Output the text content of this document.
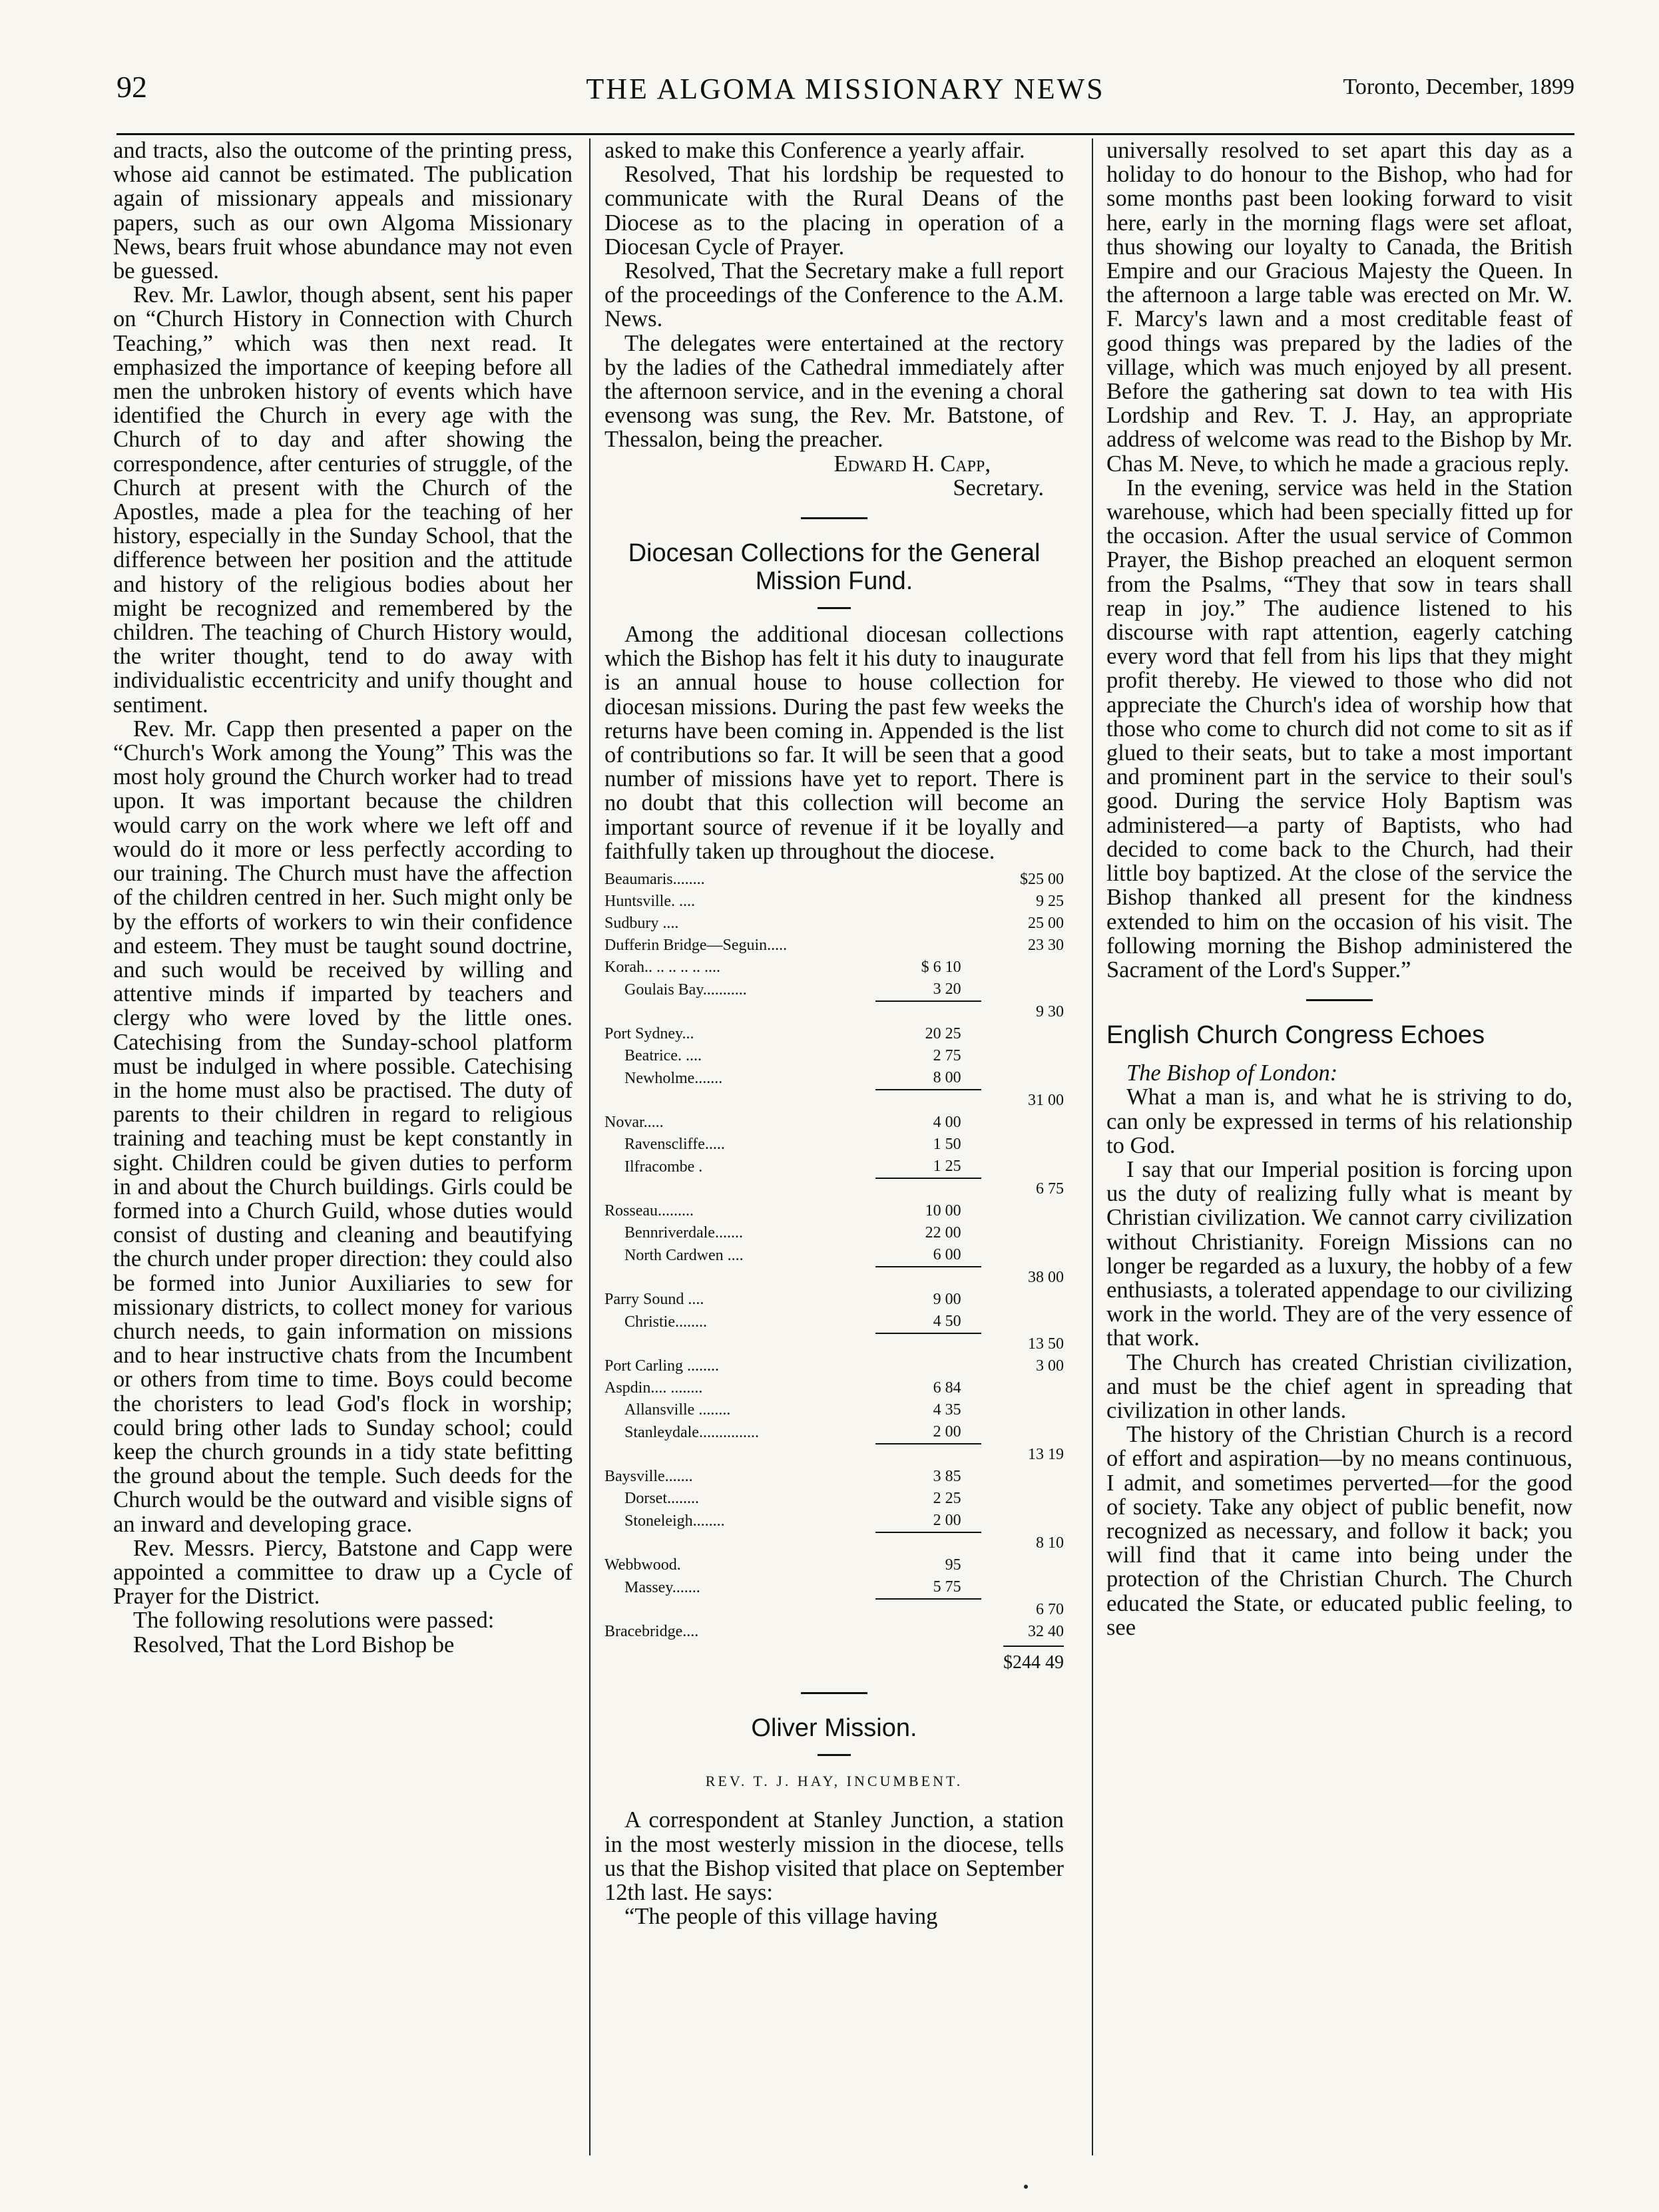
92	THE ALGOMA MISSIONARY NEWS	Toronto, December, 1899

and tracts, also the outcome of the printing press, whose aid cannot be estimated. The publication again of missionary appeals and missionary papers, such as our own Algoma Missionary News, bears fruit whose abundance may not even be guessed.

Rev. Mr. Lawlor, though absent, sent his paper on “Church History in Connection with Church Teaching,” which was then next read. It emphasized the importance of keeping before all men the unbroken history of events which have identified the Church in every age with the Church of to day and after showing the correspondence, after centuries of struggle, of the Church at present with the Church of the Apostles, made a plea for the teaching of her history, especially in the Sunday School, that the difference between her position and the attitude and history of the religious bodies about her might be recognized and remembered by the children. The teaching of Church History would, the writer thought, tend to do away with individualistic eccentricity and unify thought and sentiment.

Rev. Mr. Capp then presented a paper on the “Church's Work among the Young” This was the most holy ground the Church worker had to tread upon. It was important because the children would carry on the work where we left off and would do it more or less perfectly according to our training. The Church must have the affection of the children centred in her. Such might only be by the efforts of workers to win their confidence and esteem. They must be taught sound doctrine, and such would be received by willing and attentive minds if imparted by teachers and clergy who were loved by the little ones. Catechising from the Sunday-school platform must be indulged in where possible. Catechising in the home must also be practised. The duty of parents to their children in regard to religious training and teaching must be kept constantly in sight. Children could be given duties to perform in and about the Church buildings. Girls could be formed into a Church Guild, whose duties would consist of dusting and cleaning and beautifying the church under proper direction: they could also be formed into Junior Auxiliaries to sew for missionary districts, to collect money for various church needs, to gain information on missions and to hear instructive chats from the Incumbent or others from time to time. Boys could become the choristers to lead God's flock in worship; could bring other lads to Sunday school; could keep the church grounds in a tidy state befitting the ground about the temple. Such deeds for the Church would be the outward and visible signs of an inward and developing grace.

Rev. Messrs. Piercy, Batstone and Capp were appointed a committee to draw up a Cycle of Prayer for the District.

The following resolutions were passed:

Resolved, That the Lord Bishop be

asked to make this Conference a yearly affair.

Resolved, That his lordship be requested to communicate with the Rural Deans of the Diocese as to the placing in operation of a Diocesan Cycle of Prayer.

Resolved, That the Secretary make a full report of the proceedings of the Conference to the A.M. News.

The delegates were entertained at the rectory by the ladies of the Cathedral immediately after the afternoon service, and in the evening a choral evensong was sung, the Rev. Mr. Batstone, of Thessalon, being the preacher.

Edward H. Capp,
Secretary.
Diocesan Collections for the General Mission Fund.

Among the additional diocesan collections which the Bishop has felt it his duty to inaugurate is an annual house to house collection for diocesan missions. During the past few weeks the returns have been coming in. Appended is the list of contributions so far. It will be seen that a good number of missions have yet to report. There is no doubt that this collection will become an important source of revenue if it be loyally and faithfully taken up throughout the diocese.

Beaumaris........		$25 00
Huntsville. ....		9 25
Sudbury ....		25 00
Dufferin Bridge—Seguin.....		23 30
Korah.. .. .. .. .. ....	$ 6 10	
Goulais Bay...........	3 20	
		9 30
Port Sydney...	20 25	
Beatrice. ....	2 75	
Newholme.......	8 00	
		31 00
Novar.....	4 00	
Ravenscliffe.....	1 50	
Ilfracombe .	1 25	
		6 75
Rosseau.........	10 00	
Bennriverdale.......	22 00	
North Cardwen ....	6 00	
		38 00
Parry Sound ....	9 00	
Christie........	4 50	
		13 50
Port Carling ........		3 00
Aspdin.... ........	6 84	
Allansville ........	4 35	
Stanleydale...............	2 00	
		13 19
Baysville.......	3 85	
Dorset........	2 25	
Stoneleigh........	2 00	
		8 10
Webbwood.	95	
Massey.......	5 75	
		6 70
Bracebridge....		32 40
$244 49
Oliver Mission.
REV. T. J. HAY, INCUMBENT.

A correspondent at Stanley Junction, a station in the most westerly mission in the diocese, tells us that the Bishop visited that place on September 12th last. He says:

“The people of this village having

universally resolved to set apart this day as a holiday to do honour to the Bishop, who had for some months past been looking forward to visit here, early in the morning flags were set afloat, thus showing our loyalty to Canada, the British Empire and our Gracious Majesty the Queen. In the afternoon a large table was erected on Mr. W. F. Marcy's lawn and a most creditable feast of good things was prepared by the ladies of the village, which was much enjoyed by all present. Before the gathering sat down to tea with His Lordship and Rev. T. J. Hay, an appropriate address of welcome was read to the Bishop by Mr. Chas M. Neve, to which he made a gracious reply.

In the evening, service was held in the Station warehouse, which had been specially fitted up for the occasion. After the usual service of Common Prayer, the Bishop preached an eloquent sermon from the Psalms, “They that sow in tears shall reap in joy.” The audience listened to his discourse with rapt attention, eagerly catching every word that fell from his lips that they might profit thereby. He viewed to those who did not appreciate the Church's idea of worship how that those who come to church did not come to sit as if glued to their seats, but to take a most important and prominent part in the service to their soul's good. During the service Holy Baptism was administered—a party of Baptists, who had decided to come back to the Church, had their little boy baptized. At the close of the service the Bishop thanked all present for the kindness extended to him on the occasion of his visit. The following morning the Bishop administered the Sacrament of the Lord's Supper.”

English Church Congress Echoes

The Bishop of London:

What a man is, and what he is striving to do, can only be expressed in terms of his relationship to God.

I say that our Imperial position is forcing upon us the duty of realizing fully what is meant by Christian civilization. We cannot carry civilization without Christianity. Foreign Missions can no longer be regarded as a luxury, the hobby of a few enthusiasts, a tolerated appendage to our civilizing work in the world. They are of the very essence of that work.

The Church has created Christian civilization, and must be the chief agent in spreading that civilization in other lands.

The history of the Christian Church is a record of effort and aspiration—by no means continuous, I admit, and sometimes perverted—for the good of society. Take any object of public benefit, now recognized as necessary, and follow it back; you will find that it came into being under the protection of the Christian Church. The Church educated the State, or educated public feeling, to see
